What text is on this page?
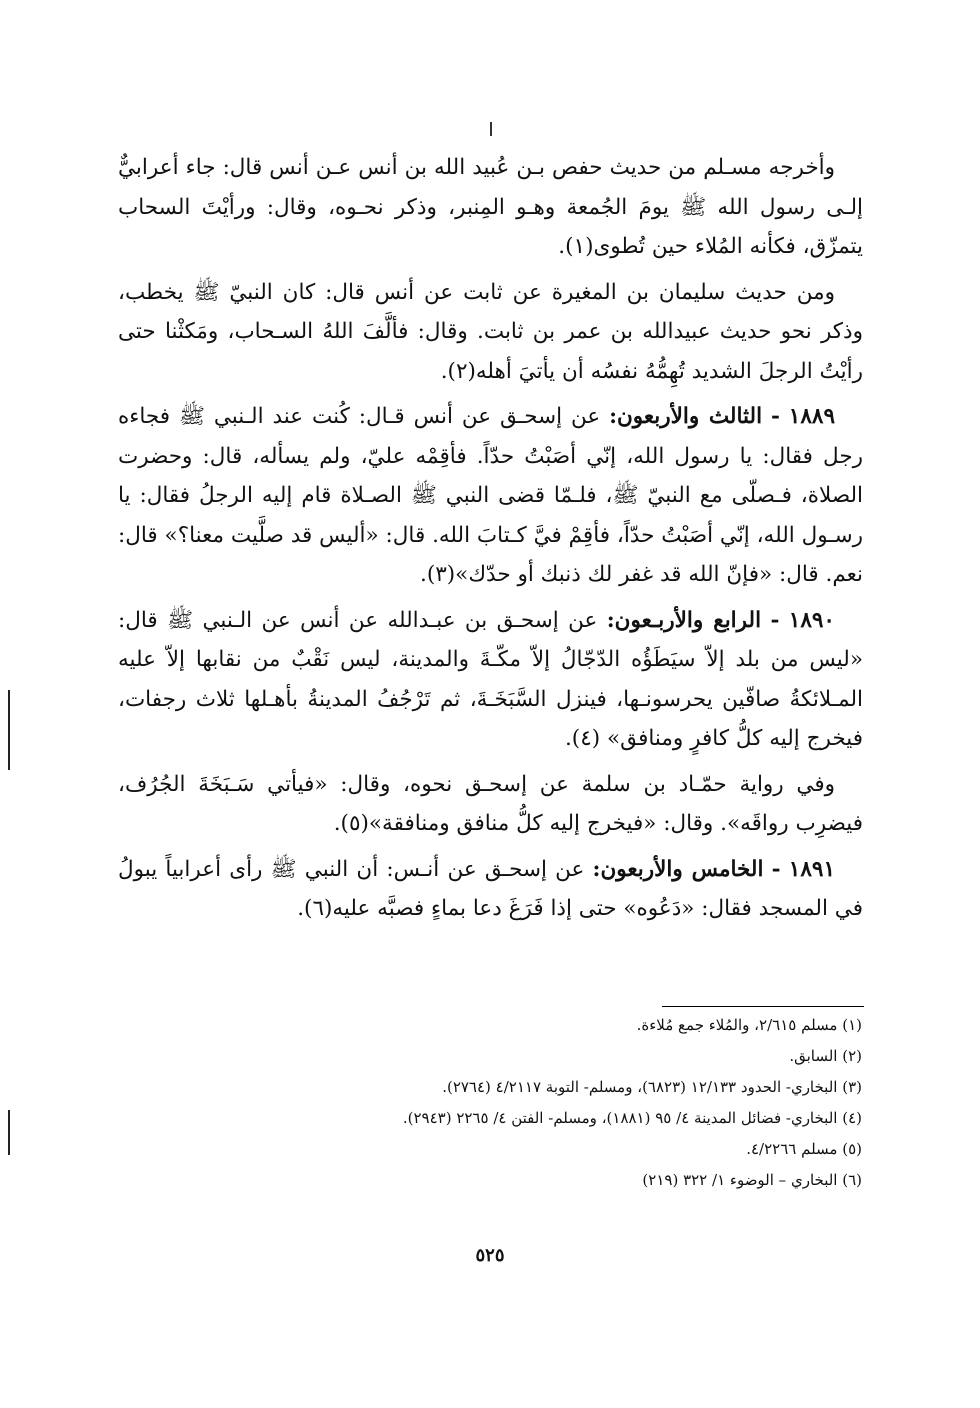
وأخرجه مسـلم من حديث حفص بـن عُبيد الله بن أنس عـن أنس قال: جاء أعرابيٌّ إلـى رسول الله ﷺ يومَ الجُمعة وهـو المِنبر، وذكر نحـوه، وقال: ورأيْتَ السحاب يتمزّق، فكأنه المُلاء حين تُطوى(١).

ومن حديث سليمان بن المغيرة عن ثابت عن أنس قال: كان النبيّ ﷺ يخطب، وذكر نحو حديث عبيدالله بن عمر بن ثابت. وقال: فألَّفَ اللهُ السـحاب، ومَكثْنا حتى رأيْتُ الرجلَ الشديد تُهِمُّهُ نفسُه أن يأتيَ أهله(٢).

١٨٨٩ - الثالث والأربعون: عن إسحـق عن أنس قـال: كُنت عند الـنبي ﷺ فجاءه رجل فقال: يا رسول الله، إنّي أصَبْتُ حدّاً. فأقِمْه عليّ، ولم يسأله، قال: وحضرت الصلاة، فـصلّى مع النبيّ ﷺ، فلـمّا قضى النبي ﷺ الصـلاة قام إليه الرجلُ فقال: يا رسـول الله، إنّي أصَبْتُ حدّاً، فأقِمْ فيَّ كـتابَ الله. قال: «أليس قد صلَّيت معنا؟» قال: نعم. قال: «فإنّ الله قد غفر لك ذنبك أو حدّك»(٣).

١٨٩٠ - الرابع والأربـعون: عن إسحـق بن عبـدالله عن أنس عن الـنبي ﷺ قال: «ليس من بلد إلاّ سيَطَؤُه الدّجّالُ إلاّ مكّـةَ والمدينة، ليس نَقْبٌ من نقابها إلاّ عليه المـلائكةُ صافّين يحرسونـها، فينزل السَّبَخَـةَ، ثم تَرْجُفُ المدينةُ بأهـلها ثلاث رجفات، فيخرج إليه كلُّ كافرٍ ومنافق» (٤).

وفي رواية حمّـاد بن سلمة عن إسحـق نحوه، وقال: «فيأتي سَـبَخَةَ الجُرُف، فيضرِب رواقَه». وقال: «فيخرج إليه كلُّ منافق ومنافقة»(٥).

١٨٩١ - الخامس والأربعون: عن إسحـق عن أنـس: أن النبي ﷺ رأى أعرابياً يبولُ في المسجد فقال: «دَعُوه» حتى إذا فَرَغَ دعا بماءٍ فصبَّه عليه(٦).

(١) مسلم ٢/٦١٥، والمُلاء جمع مُلاءة.
(٢) السابق.
(٣) البخاري- الحدود ١٢/١٣٣ (٦٨٢٣)، ومسلم- التوبة ٤/٢١١٧ (٢٧٦٤).
(٤) البخاري- فضائل المدينة ٤/ ٩٥ (١٨٨١)، ومسلم- الفتن ٤/ ٢٢٦٥ (٢٩٤٣).
(٥) مسلم ٤/٢٢٦٦.
(٦) البخاري – الوضوء ١/ ٣٢٢ (٢١٩)
٥٢٥
